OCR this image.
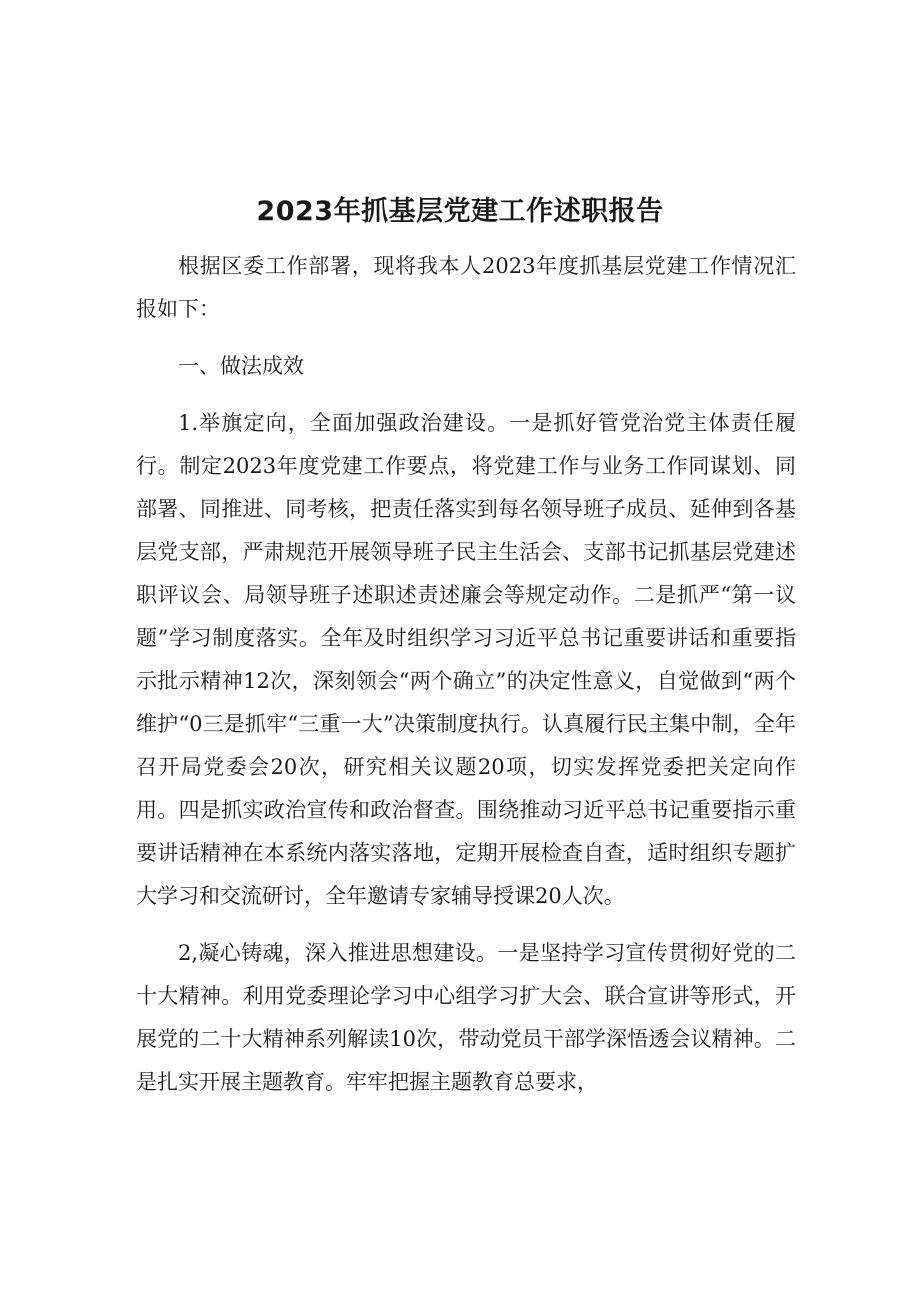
2023年抓基层党建工作述职报告

根据区委工作部署，现将我本人2023年度抓基层党建工作情况汇报如下：

一、做法成效

1.举旗定向，全面加强政治建设。一是抓好管党治党主体责任履行。制定2023年度党建工作要点，将党建工作与业务工作同谋划、同部署、同推进、同考核，把责任落实到每名领导班子成员、延伸到各基层党支部，严肃规范开展领导班子民主生活会、支部书记抓基层党建述职评议会、局领导班子述职述责述廉会等规定动作。二是抓严“第一议题”学习制度落实。全年及时组织学习习近平总书记重要讲话和重要指示批示精神12次，深刻领会“两个确立”的决定性意义，自觉做到“两个维护“0三是抓牢“三重一大”决策制度执行。认真履行民主集中制，全年召开局党委会20次，研究相关议题20项，切实发挥党委把关定向作用。四是抓实政治宣传和政治督查。围绕推动习近平总书记重要指示重要讲话精神在本系统内落实落地，定期开展检查自查，适时组织专题扩大学习和交流研讨，全年邀请专家辅导授课20人次。

2,凝心铸魂，深入推进思想建设。一是坚持学习宣传贯彻好党的二十大精神。利用党委理论学习中心组学习扩大会、联合宣讲等形式，开展党的二十大精神系列解读10次，带动党员干部学深悟透会议精神。二是扎实开展主题教育。牢牢把握主题教育总要求，
